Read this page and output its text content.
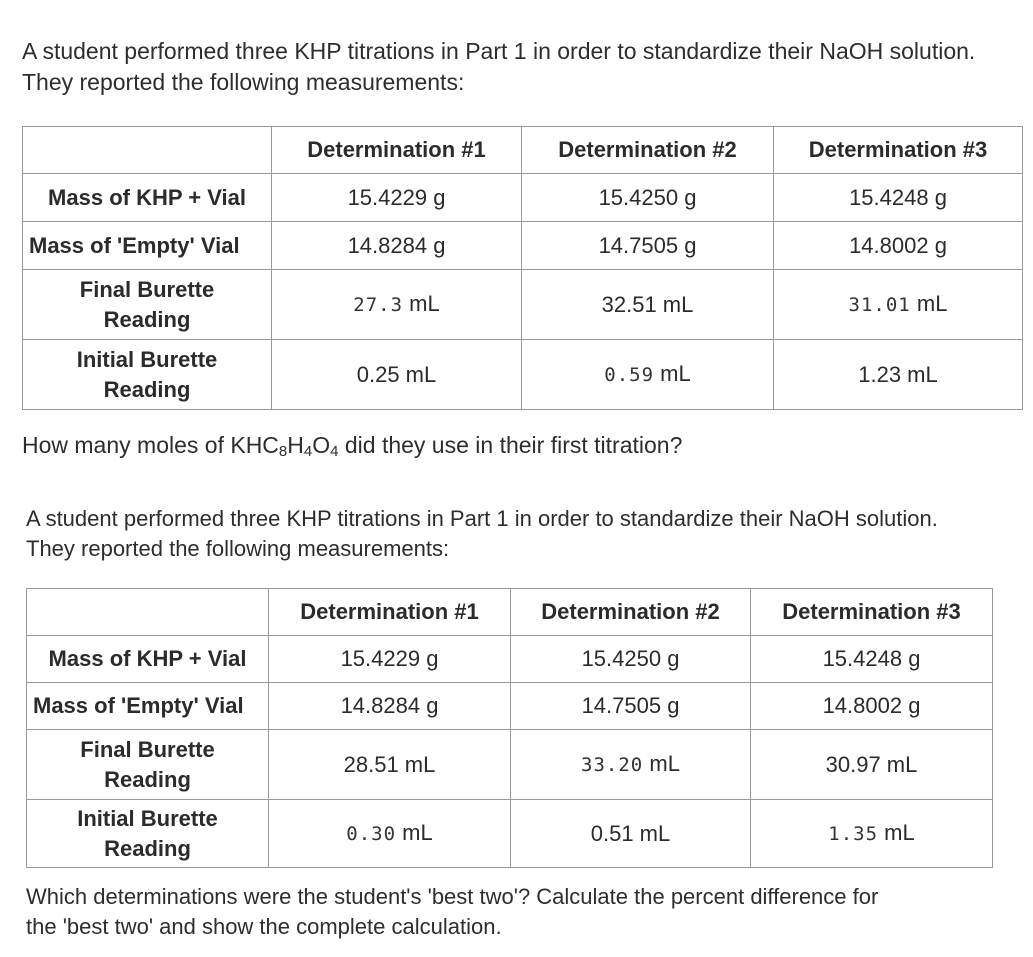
A student performed three KHP titrations in Part 1 in order to standardize their NaOH solution. They reported the following measurements:

	Determination #1	Determination #2	Determination #3
Mass of KHP + Vial	15.4229 g	15.4250 g	15.4248 g
Mass of 'Empty' Vial	14.8284 g	14.7505 g	14.8002 g
Final Burette Reading	27.3 mL	32.51 mL	31.01 mL
Initial Burette Reading	0.25 mL	0.59 mL	1.23 mL

How many moles of $KHC_8H_4O_4$ did they use in their first titration?

A student performed three KHP titrations in Part 1 in order to standardize their NaOH solution. They reported the following measurements:

	Determination #1	Determination #2	Determination #3
Mass of KHP + Vial	15.4229 g	15.4250 g	15.4248 g
Mass of 'Empty' Vial	14.8284 g	14.7505 g	14.8002 g
Final Burette Reading	28.51 mL	33.20 mL	30.97 mL
Initial Burette Reading	0.30 mL	0.51 mL	1.35 mL

Which determinations were the student's 'best two'? Calculate the percent difference for the 'best two' and show the complete calculation.
